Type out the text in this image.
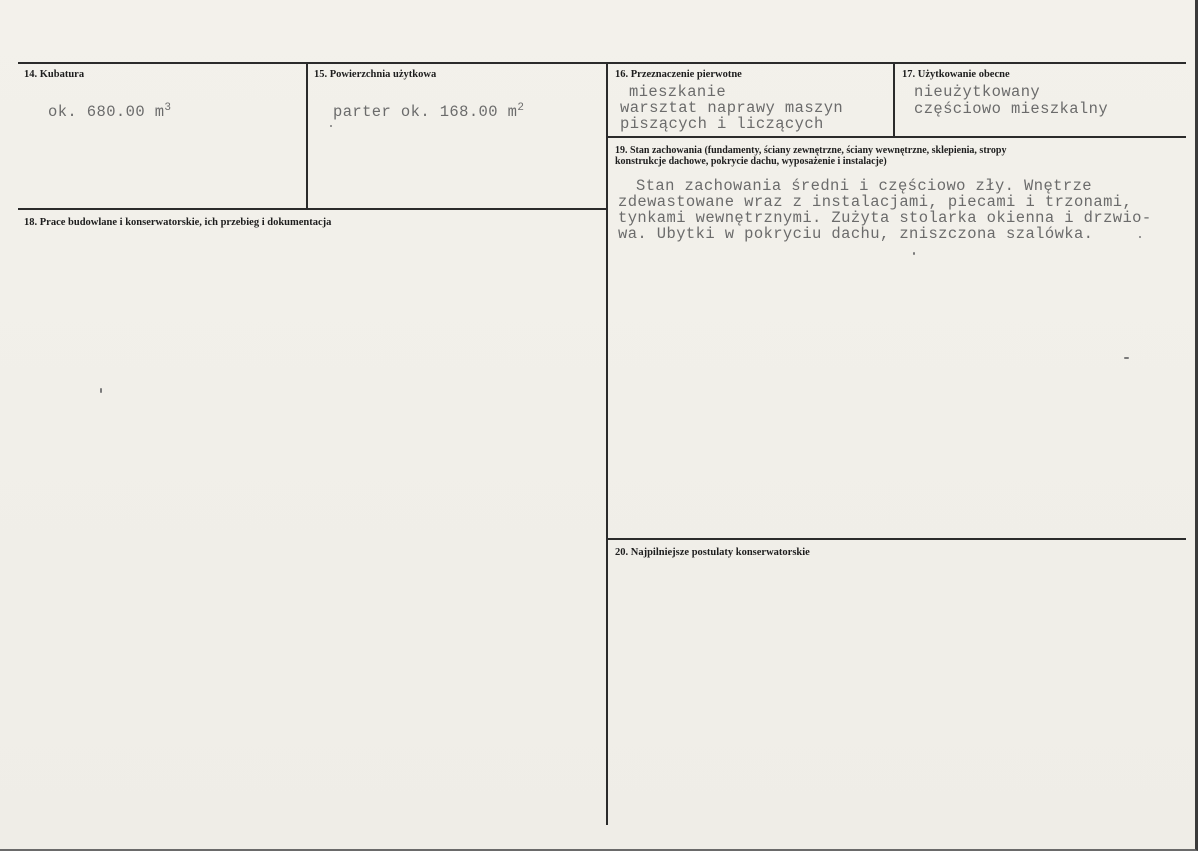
14. Kubatura
ok. 680.00 $m^3$
15. Powierzchnia użytkowa
parter ok. 168.00 $m^2$
16. Przeznaczenie pierwotne
mieszkanie
warsztat naprawy maszyn
piszących i liczących
17. Użytkowanie obecne
nieużytkowany
częściowo mieszkalny
18. Prace budowlane i konserwatorskie, ich przebieg i dokumentacja
19. Stan zachowania (fundamenty, ściany zewnętrzne, ściany wewnętrzne, sklepienia, stropy
konstrukcje dachowe, pokrycie dachu, wyposażenie i instalacje)
Stan zachowania średni i częściowo zły. Wnętrze
zdewastowane wraz z instalacjami, piecami i trzonami,
tynkami wewnętrznymi. Zużyta stolarka okienna i drzwio-
wa. Ubytki w pokryciu dachu, zniszczona szalówka.
20. Najpilniejsze postulaty konserwatorskie
